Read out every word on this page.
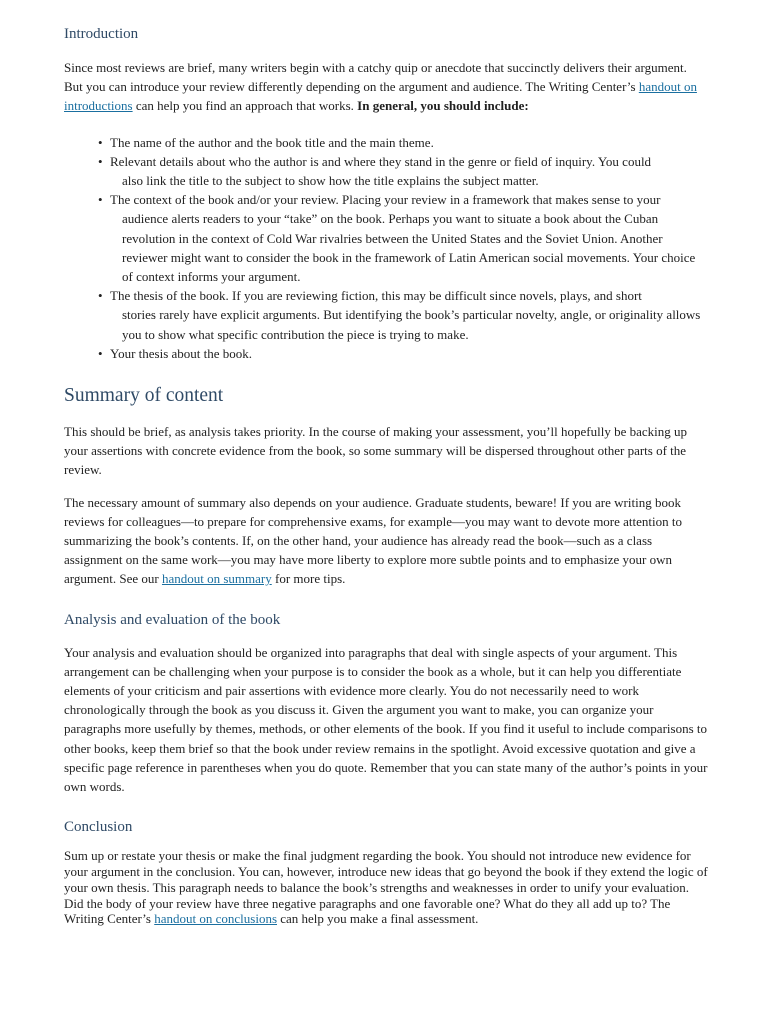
Introduction

Since most reviews are brief, many writers begin with a catchy quip or anecdote that succinctly delivers their argument. But you can introduce your review differently depending on the argument and audience. The Writing Center’s handout on introductions can help you find an approach that works. In general, you should include:

• The name of the author and the book title and the main theme.
• Relevant details about who the author is and where they stand in the genre or field of inquiry. You could
also link the title to the subject to show how the title explains the subject matter.
• The context of the book and/or your review. Placing your review in a framework that makes sense to your
audience alerts readers to your “take” on the book. Perhaps you want to situate a book about the Cuban revolution in the context of Cold War rivalries between the United States and the Soviet Union. Another reviewer might want to consider the book in the framework of Latin American social movements. Your choice of context informs your argument.
• The thesis of the book. If you are reviewing fiction, this may be difficult since novels, plays, and short
stories rarely have explicit arguments. But identifying the book’s particular novelty, angle, or originality allows you to show what specific contribution the piece is trying to make.
• Your thesis about the book.
Summary of content

This should be brief, as analysis takes priority. In the course of making your assessment, you’ll hopefully be backing up your assertions with concrete evidence from the book, so some summary will be dispersed throughout other parts of the review.

The necessary amount of summary also depends on your audience. Graduate students, beware! If you are writing book reviews for colleagues—to prepare for comprehensive exams, for example—you may want to devote more attention to summarizing the book’s contents. If, on the other hand, your audience has already read the book—such as a class assignment on the same work—you may have more liberty to explore more subtle points and to emphasize your own argument. See our handout on summary for more tips.

Analysis and evaluation of the book

Your analysis and evaluation should be organized into paragraphs that deal with single aspects of your argument. This arrangement can be challenging when your purpose is to consider the book as a whole, but it can help you differentiate elements of your criticism and pair assertions with evidence more clearly. You do not necessarily need to work chronologically through the book as you discuss it. Given the argument you want to make, you can organize your paragraphs more usefully by themes, methods, or other elements of the book. If you find it useful to include comparisons to other books, keep them brief so that the book under review remains in the spotlight. Avoid excessive quotation and give a specific page reference in parentheses when you do quote. Remember that you can state many of the author’s points in your own words.

Conclusion

Sum up or restate your thesis or make the final judgment regarding the book. You should not introduce new evidence for your argument in the conclusion. You can, however, introduce new ideas that go beyond the book if they extend the logic of your own thesis. This paragraph needs to balance the book’s strengths and weaknesses in order to unify your evaluation. Did the body of your review have three negative paragraphs and one favorable one? What do they all add up to? The Writing Center’s handout on conclusions can help you make a final assessment.
